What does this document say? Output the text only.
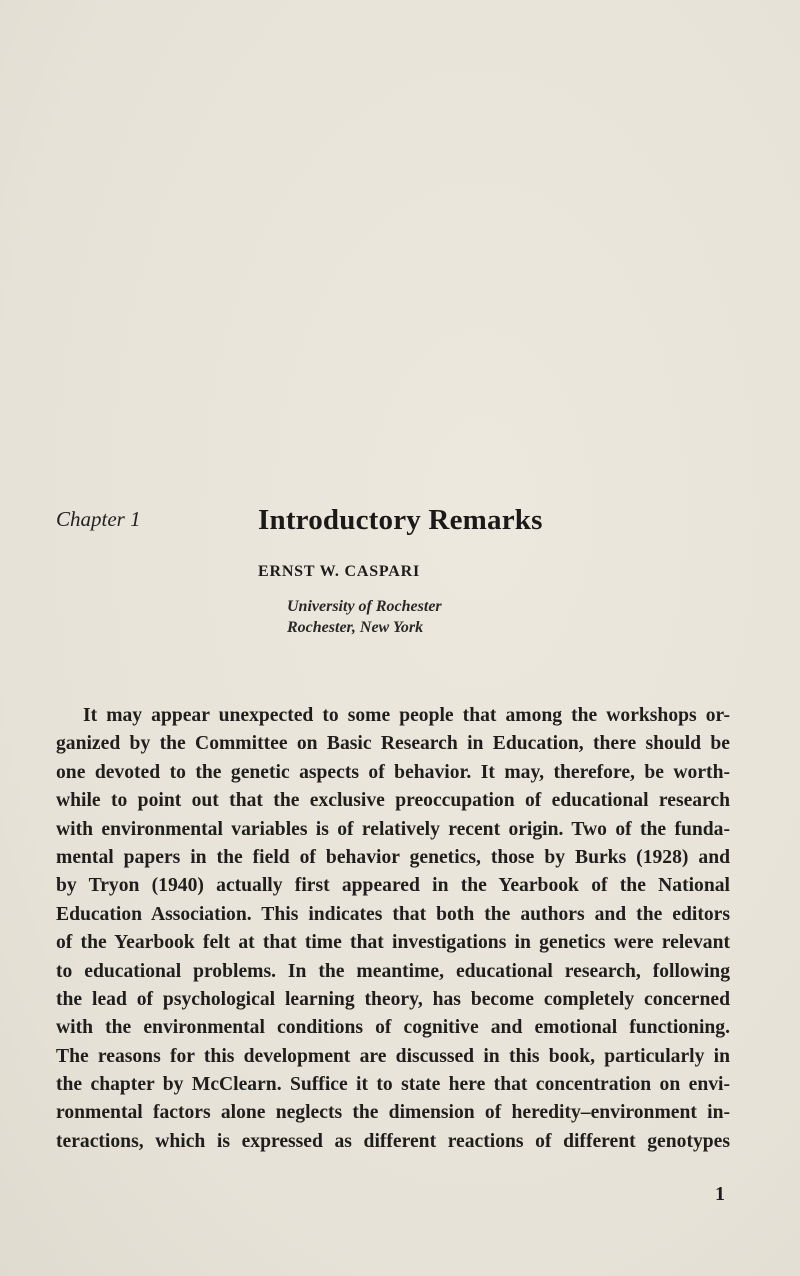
Chapter 1	Introductory Remarks
ERNST W. CASPARI
University of Rochester
Rochester, New York
It may appear unexpected to some people that among the workshops or-
ganized by the Committee on Basic Research in Education, there should be
one devoted to the genetic aspects of behavior. It may, therefore, be worth-
while to point out that the exclusive preoccupation of educational research
with environmental variables is of relatively recent origin. Two of the funda-
mental papers in the field of behavior genetics, those by Burks (1928) and
by Tryon (1940) actually first appeared in the Yearbook of the National
Education Association. This indicates that both the authors and the editors
of the Yearbook felt at that time that investigations in genetics were relevant
to educational problems. In the meantime, educational research, following
the lead of psychological learning theory, has become completely concerned
with the environmental conditions of cognitive and emotional functioning.
The reasons for this development are discussed in this book, particularly in
the chapter by McClearn. Suffice it to state here that concentration on envi-
ronmental factors alone neglects the dimension of heredity–environment in-
teractions, which is expressed as different reactions of different genotypes
1
